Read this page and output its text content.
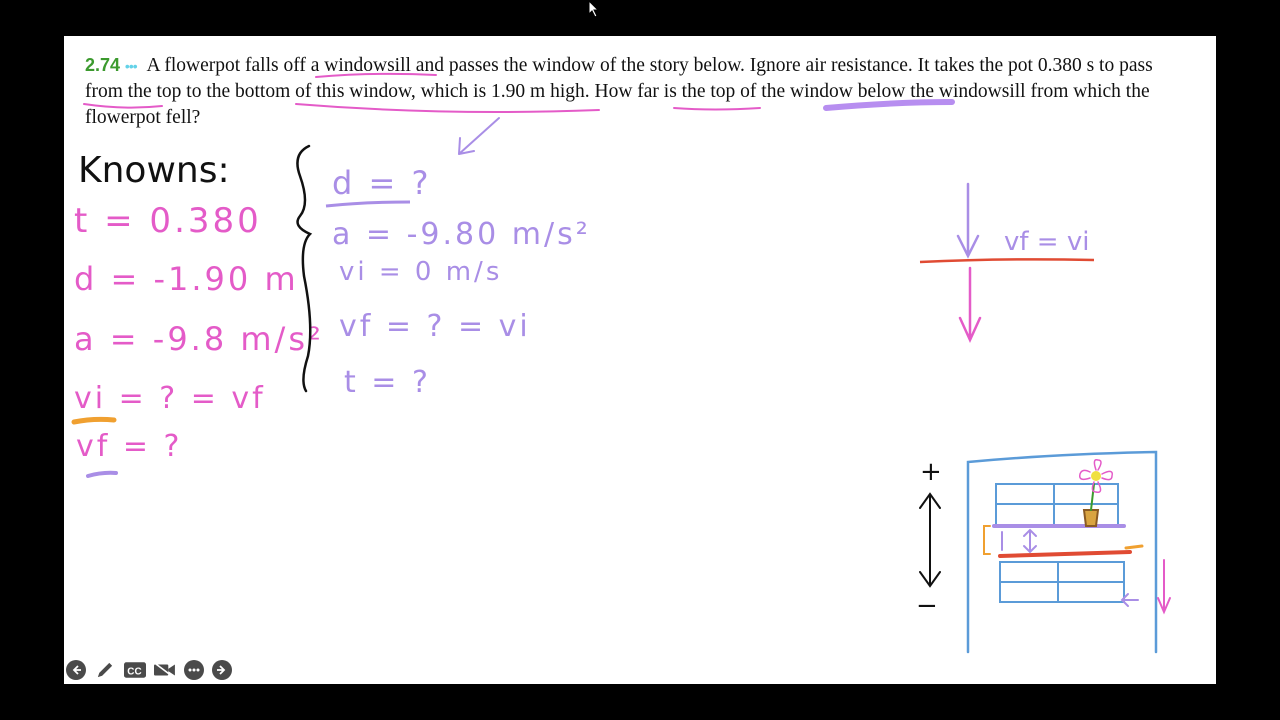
2.74 ••• A flowerpot falls off a windowsill and passes the window of the story below. Ignore air resistance. It takes the pot 0.380 s to pass from the top to the bottom of this window, which is 1.90 m high. How far is the top of the window below the windowsill from which the flowerpot fell?
Knowns:
t = 0.380
d = -1.90 m
a = -9.8 m/s²
vi = ? = vf
vf = ?
d = ?
a = -9.80 m/s²
vi = 0 m/s
vf = ? = vi
t = ?
vf = vi
+
−
CC
